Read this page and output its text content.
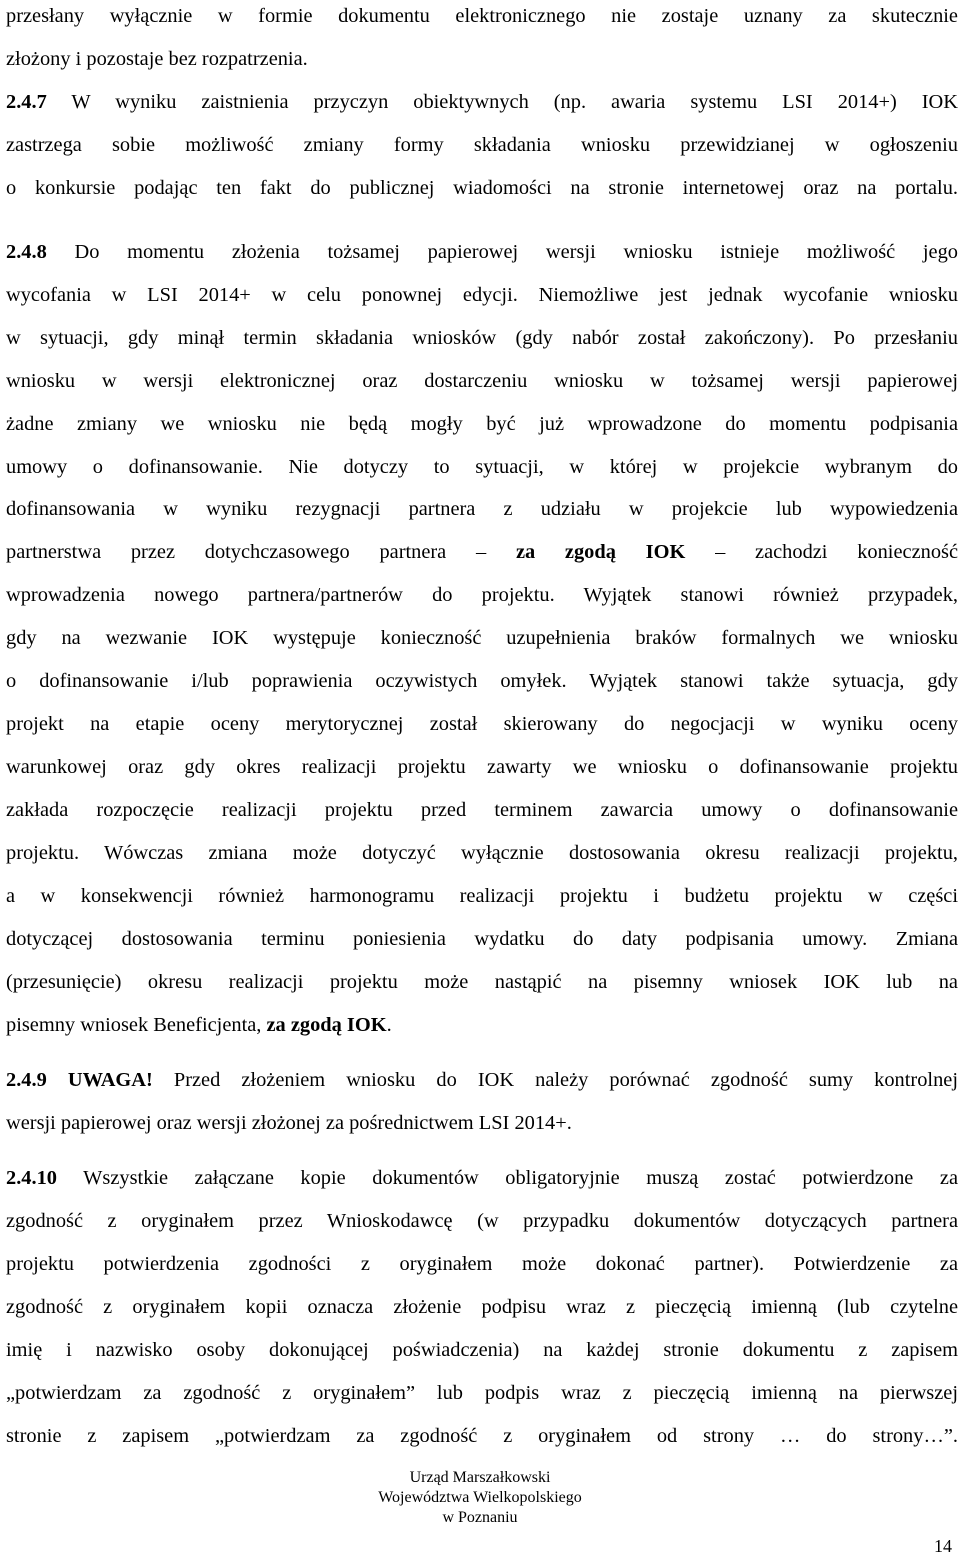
przesłany wyłącznie w formie dokumentu elektronicznego nie zostaje uznany za skutecznie
złożony i pozostaje bez rozpatrzenia.
2.4.7 W wyniku zaistnienia przyczyn obiektywnych (np. awaria systemu LSI 2014+) IOK
zastrzega sobie możliwość zmiany formy składania wniosku przewidzianej w ogłoszeniu
o konkursie podając ten fakt do publicznej wiadomości na stronie internetowej oraz na portalu.
2.4.8 Do momentu złożenia tożsamej papierowej wersji wniosku istnieje możliwość jego
wycofania w LSI 2014+ w celu ponownej edycji. Niemożliwe jest jednak wycofanie wniosku
w sytuacji, gdy minął termin składania wniosków (gdy nabór został zakończony). Po przesłaniu
wniosku w wersji elektronicznej oraz dostarczeniu wniosku w tożsamej wersji papierowej
żadne zmiany we wniosku nie będą mogły być już wprowadzone do momentu podpisania
umowy o dofinansowanie. Nie dotyczy to sytuacji, w której w projekcie wybranym do
dofinansowania w wyniku rezygnacji partnera z udziału w projekcie lub wypowiedzenia
partnerstwa przez dotychczasowego partnera – za zgodą IOK – zachodzi konieczność
wprowadzenia nowego partnera/partnerów do projektu. Wyjątek stanowi również przypadek,
gdy na wezwanie IOK występuje konieczność uzupełnienia braków formalnych we wniosku
o dofinansowanie i/lub poprawienia oczywistych omyłek. Wyjątek stanowi także sytuacja, gdy
projekt na etapie oceny merytorycznej został skierowany do negocjacji w wyniku oceny
warunkowej oraz gdy okres realizacji projektu zawarty we wniosku o dofinansowanie projektu
zakłada rozpoczęcie realizacji projektu przed terminem zawarcia umowy o dofinansowanie
projektu. Wówczas zmiana może dotyczyć wyłącznie dostosowania okresu realizacji projektu,
a w konsekwencji również harmonogramu realizacji projektu i budżetu projektu w części
dotyczącej dostosowania terminu poniesienia wydatku do daty podpisania umowy. Zmiana
(przesunięcie) okresu realizacji projektu może nastąpić na pisemny wniosek IOK lub na
pisemny wniosek Beneficjenta, za zgodą IOK.
2.4.9 UWAGA! Przed złożeniem wniosku do IOK należy porównać zgodność sumy kontrolnej
wersji papierowej oraz wersji złożonej za pośrednictwem LSI 2014+.
2.4.10 Wszystkie załączane kopie dokumentów obligatoryjnie muszą zostać potwierdzone za
zgodność z oryginałem przez Wnioskodawcę (w przypadku dokumentów dotyczących partnera
projektu potwierdzenia zgodności z oryginałem może dokonać partner). Potwierdzenie za
zgodność z oryginałem kopii oznacza złożenie podpisu wraz z pieczęcią imienną (lub czytelne
imię i nazwisko osoby dokonującej poświadczenia) na każdej stronie dokumentu z zapisem
„potwierdzam za zgodność z oryginałem” lub podpis wraz z pieczęcią imienną na pierwszej
stronie z zapisem „potwierdzam za zgodność z oryginałem od strony … do strony…”.
Urząd Marszałkowski
Województwa Wielkopolskiego
w Poznaniu
14
